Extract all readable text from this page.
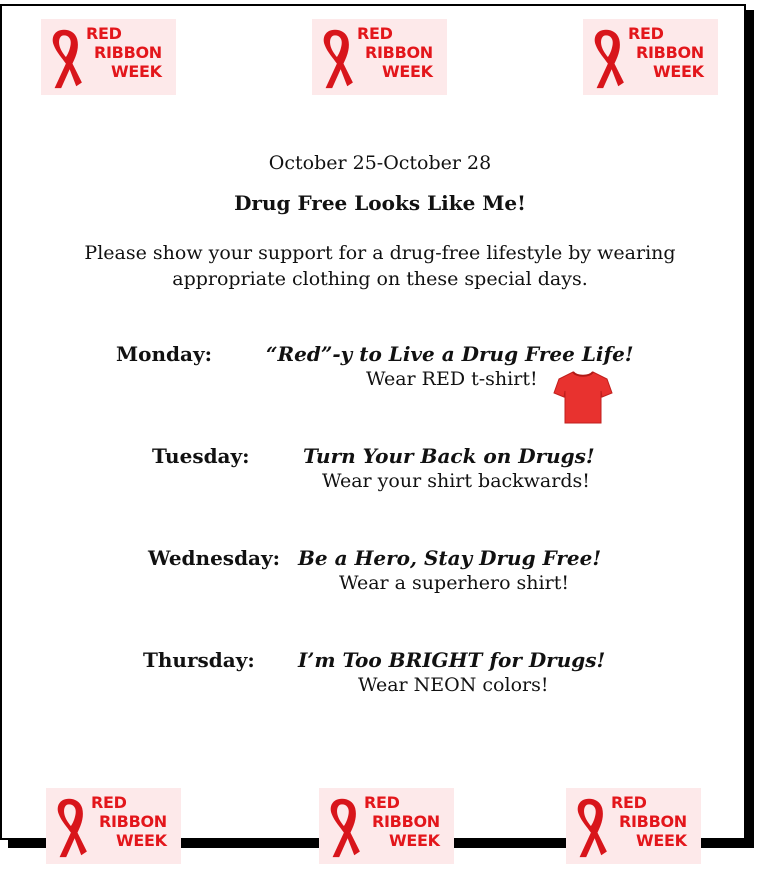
RED
RIBBON
WEEK
RED
RIBBON
WEEK
RED
RIBBON
WEEK
October 25-October 28
Drug Free Looks Like Me!
Please show your support for a drug-free lifestyle by wearing
appropriate clothing on these special days.
Monday:	“Red”-y to Live a Drug Free Life!
Wear RED t-shirt!
Tuesday:	Turn Your Back on Drugs!
Wear your shirt backwards!
Wednesday: Be a Hero, Stay Drug Free!
Wear a superhero shirt!
Thursday: I’m Too BRIGHT for Drugs!
Wear NEON colors!
RED
RIBBON
WEEK
RED
RIBBON
WEEK
RED
RIBBON
WEEK
